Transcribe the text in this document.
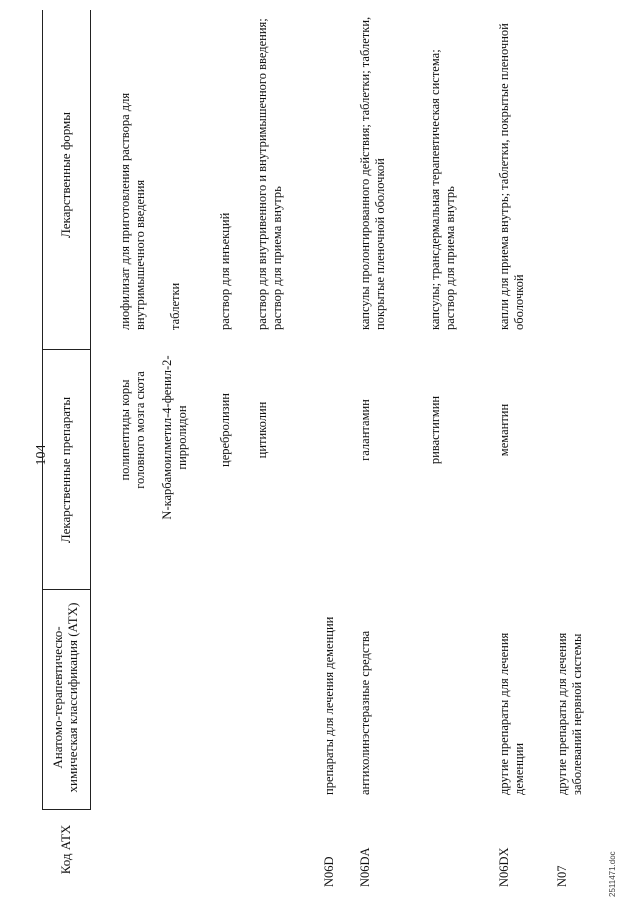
104
Код АТХ
Анатомо-терапевтическо-химическая классификация (АТХ)
Лекарственные препараты
Лекарственные формы
полипептиды коры головного мозга скота
лиофилизат для приготовления раствора для внутримышечного введения
N-карбамоилметил-4-фенил-2-пирролидон
таблетки
церебролизин
раствор для инъекций
цитиколин
раствор для внутривенного и внутримышечного введения; раствор для приема внутрь
N06D
препараты для лечения деменции
N06DA
антихолинэстеразные средства
галантамин
капсулы пролонгированного действия; таблетки; таблетки, покрытые пленочной оболочкой
ривастигмин
капсулы; трансдермальная терапевтическая система; раствор для приема внутрь
N06DX
другие препараты для лечения деменции
мемантин
капли для приема внутрь; таблетки, покрытые пленочной оболочкой
N07
другие препараты для лечения заболеваний нервной системы
2511471.doc
